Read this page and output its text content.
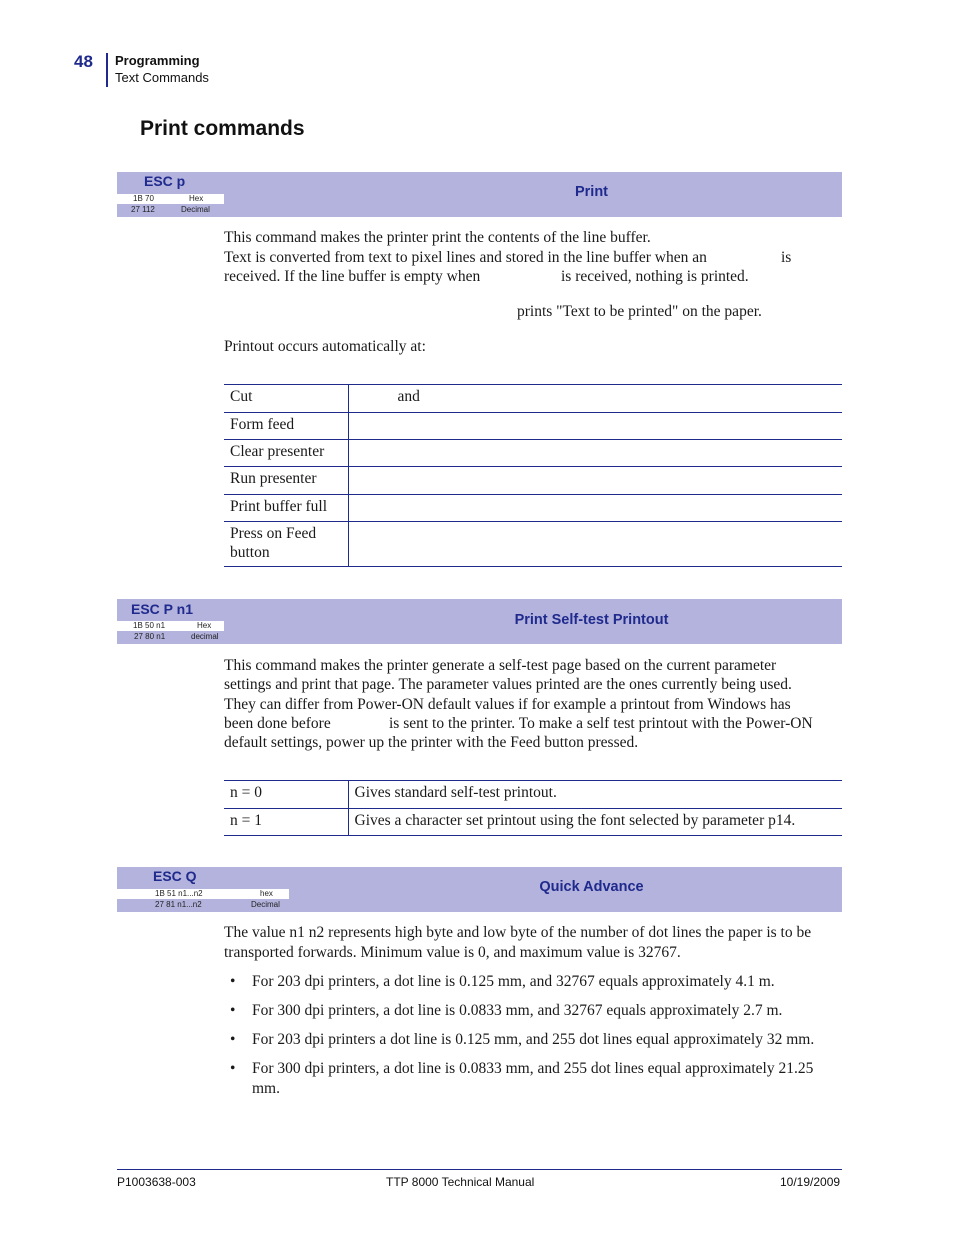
48 Programming
Text Commands
Print commands
ESC p
Print
1B 70	Hex
27 112	Decimal
This command makes the printer print the contents of the line buffer.
Text is converted from text to pixel lines and stored in the line buffer when an	is
received. If the line buffer is empty when	is received, nothing is printed.
prints "Text to be printed" on the paper.
Printout occurs automatically at:
Cut	and
Form feed	
Clear presenter	
Run presenter	
Print buffer full	
Press on Feed button	
ESC P n1
Print Self-test Printout
1B 50 n1	Hex
27 80 n1	decimal
This command makes the printer generate a self-test page based on the current parameter
settings and print that page. The parameter values printed are the ones currently being used.
They can differ from Power-ON default values if for example a printout from Windows has
been done before	is sent to the printer. To make a self test printout with the Power-ON
default settings, power up the printer with the Feed button pressed.
n = 0	Gives standard self-test printout.
n = 1	Gives a character set printout using the font selected by parameter p14.
ESC Q
Quick Advance
1B 51 n1...n2	hex
27 81 n1...n2	Decimal
The value n1 n2 represents high byte and low byte of the number of dot lines the paper is to be
transported forwards. Minimum value is 0, and maximum value is 32767.
• For 203 dpi printers, a dot line is 0.125 mm, and 32767 equals approximately 4.1 m.
• For 300 dpi printers, a dot line is 0.0833 mm, and 32767 equals approximately 2.7 m.
• For 203 dpi printers a dot line is 0.125 mm, and 255 dot lines equal approximately 32 mm.
• For 300 dpi printers, a dot line is 0.0833 mm, and 255 dot lines equal approximately 21.25 mm.
P1003638-003	TTP 8000 Technical Manual	10/19/2009
